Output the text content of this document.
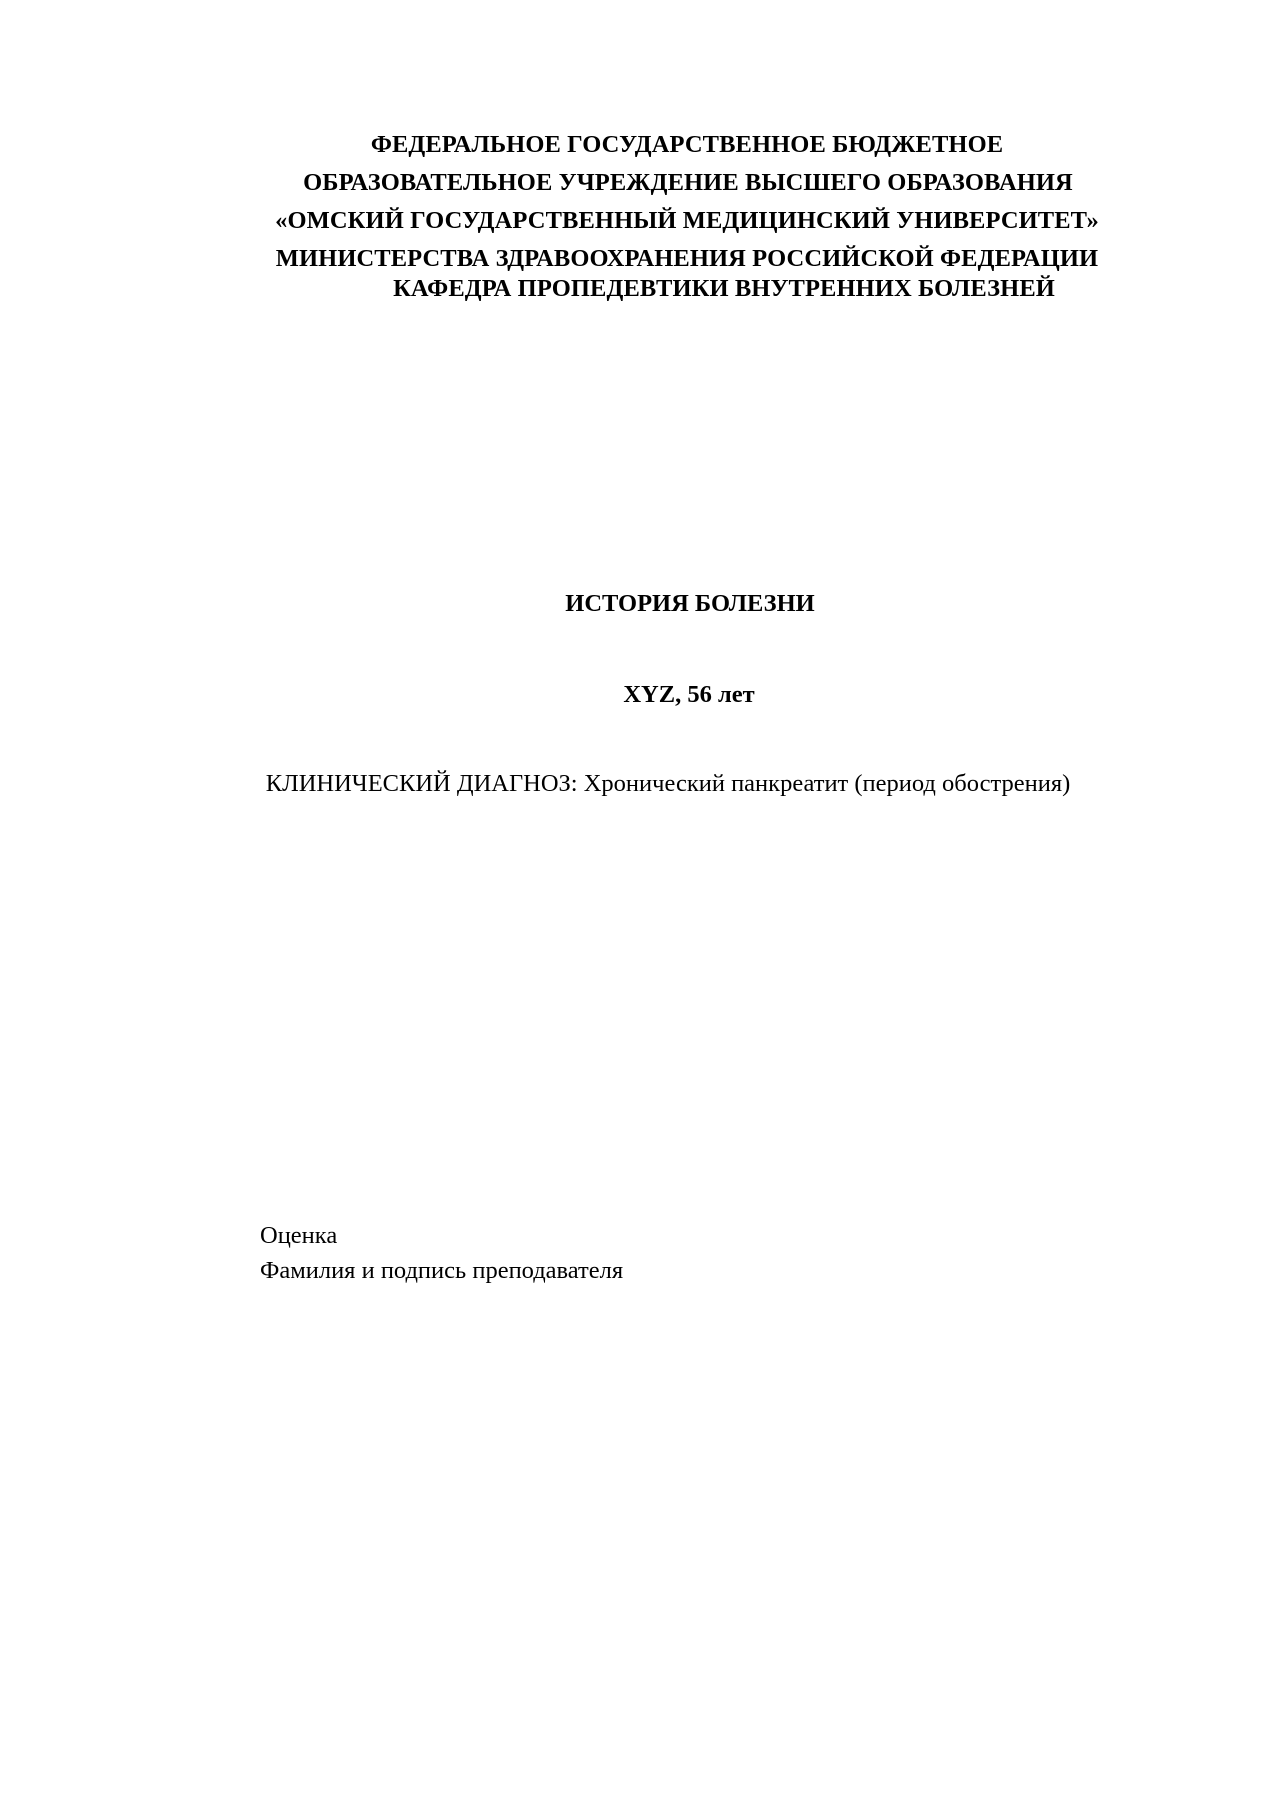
ФЕДЕРАЛЬНОЕ ГОСУДАРСТВЕННОЕ БЮДЖЕТНОЕ
ОБРАЗОВАТЕЛЬНОЕ УЧРЕЖДЕНИЕ ВЫСШЕГО ОБРАЗОВАНИЯ
«ОМСКИЙ ГОСУДАРСТВЕННЫЙ МЕДИЦИНСКИЙ УНИВЕРСИТЕТ»
МИНИСТЕРСТВА ЗДРАВООХРАНЕНИЯ РОССИЙСКОЙ ФЕДЕРАЦИИ
КАФЕДРА ПРОПЕДЕВТИКИ ВНУТРЕННИХ БОЛЕЗНЕЙ
ИСТОРИЯ БОЛЕЗНИ
XYZ, 56 лет
КЛИНИЧЕСКИЙ ДИАГНОЗ: Хронический панкреатит (период обострения)
Оценка
Фамилия и подпись преподавателя
